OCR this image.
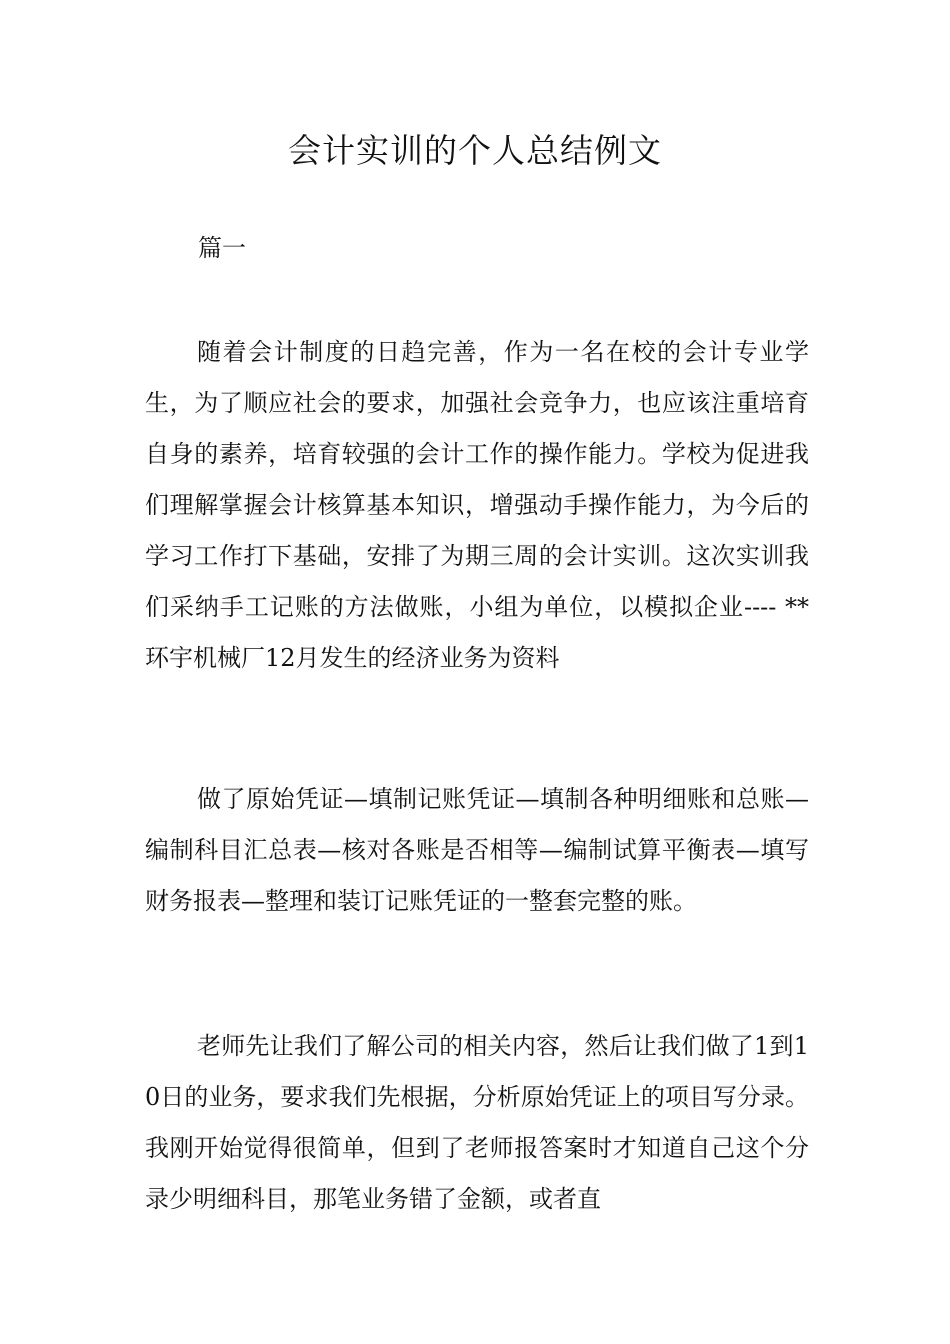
会计实训的个人总结例文
篇一

随着会计制度的日趋完善，作为一名在校的会计专业学生，为了顺应社会的要求，加强社会竞争力，也应该注重培育自身的素养，培育较强的会计工作的操作能力。学校为促进我们理解掌握会计核算基本知识，增强动手操作能力，为今后的学习工作打下基础，安排了为期三周的会计实训。这次实训我们采纳手工记账的方法做账，小组为单位，以模拟企业---- **环宇机械厂12月发生的经济业务为资料

做了原始凭证—填制记账凭证—填制各种明细账和总账—编制科目汇总表—核对各账是否相等—编制试算平衡表—填写财务报表—整理和装订记账凭证的一整套完整的账。

老师先让我们了解公司的相关内容，然后让我们做了1到10日的业务，要求我们先根据，分析原始凭证上的项目写分录。我刚开始觉得很简单，但到了老师报答案时才知道自己这个分录少明细科目，那笔业务错了金额，或者直
